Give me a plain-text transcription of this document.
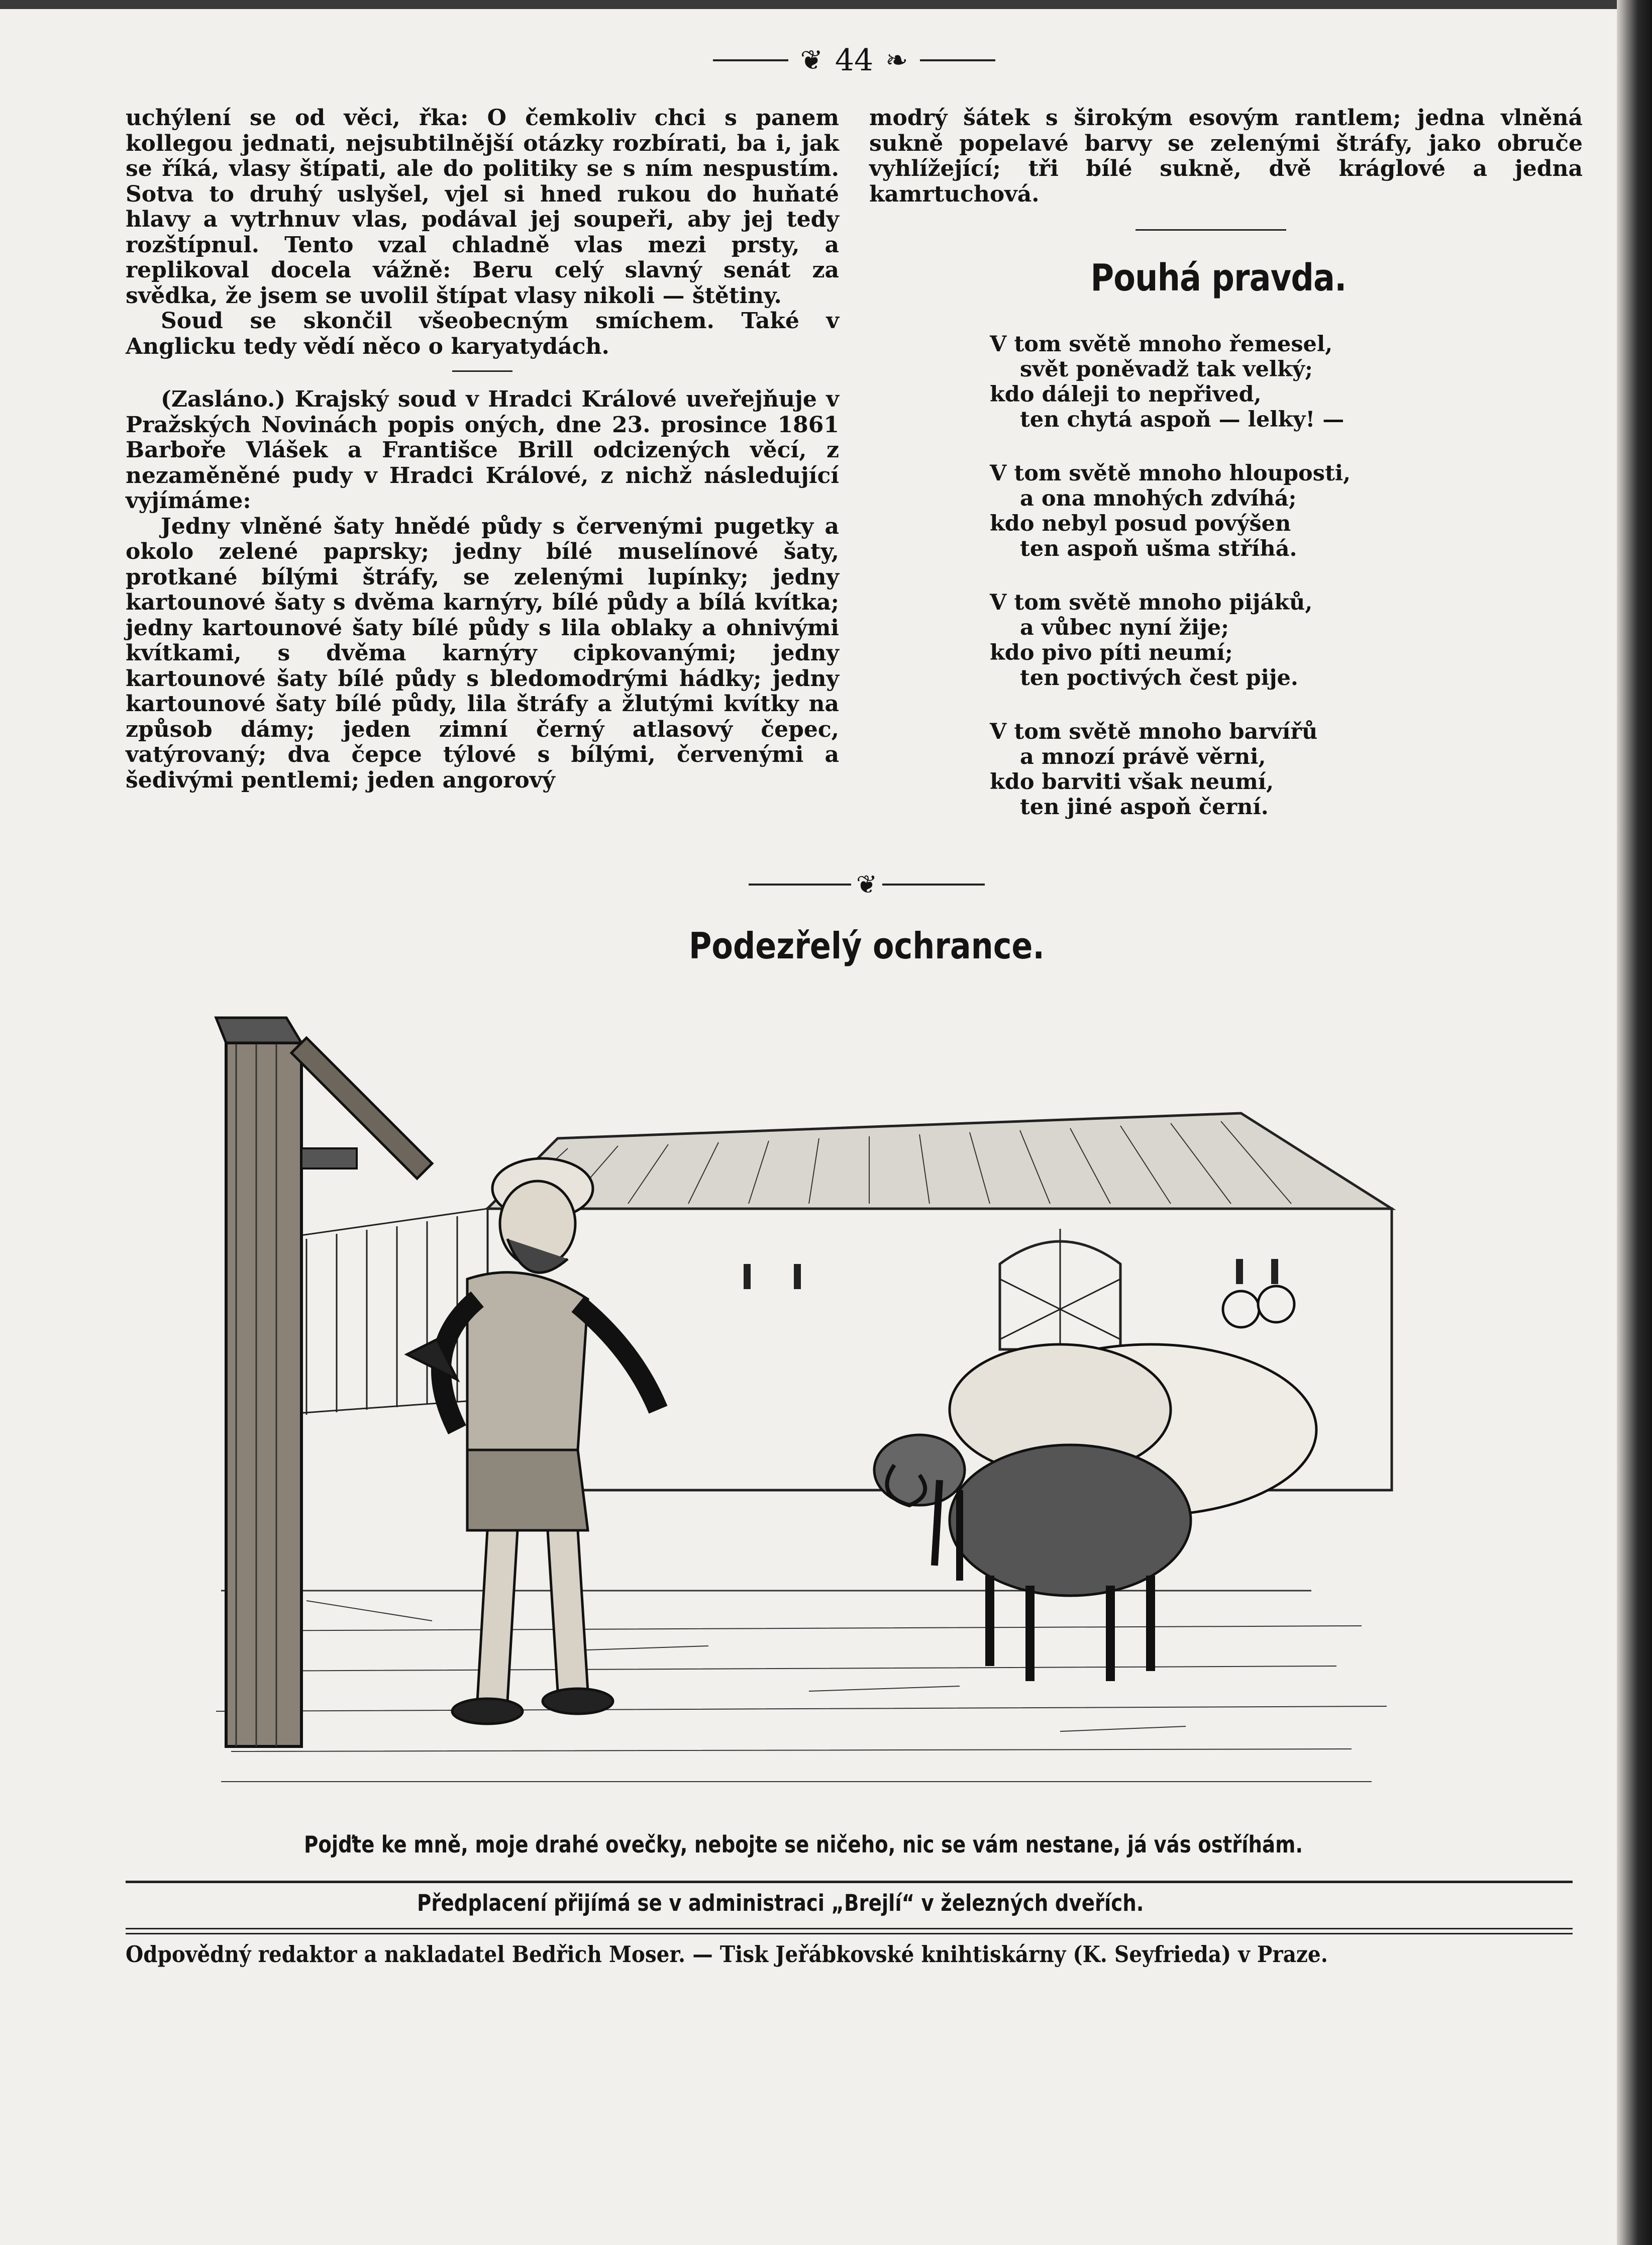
❦ 44 ❧

uchýlení se od věci, řka: O čemkoliv chci s panem kollegou jednati, nejsubtilnější otázky rozbírati, ba i, jak se říká, vlasy štípati, ale do politiky se s ním nespustím. Sotva to druhý uslyšel, vjel si hned rukou do huňaté hlavy a vytrhnuv vlas, podával jej soupeři, aby jej tedy rozštípnul. Tento vzal chladně vlas mezi prsty, a replikoval docela vážně: Beru celý slavný senát za svědka, že jsem se uvolil štípat vlasy nikoli — štětiny.

Soud se skončil všeobecným smíchem. Také v Anglicku tedy vědí něco o karyatydách.

(Zasláno.) Krajský soud v Hradci Králové uveřejňuje v Pražských Novinách popis oných, dne 23. prosince 1861 Barboře Vlášek a Františce Brill odcizených věcí, z nezaměněné pudy v Hradci Králové, z nichž následující vyjímáme:

Jedny vlněné šaty hnědé půdy s červenými pugetky a okolo zelené paprsky; jedny bílé muselínové šaty, protkané bílými štráfy, se zelenými lupínky; jedny kartounové šaty s dvěma karnýry, bílé půdy a bílá kvítka; jedny kartounové šaty bílé půdy s lila oblaky a ohnivými kvítkami, s dvěma karnýry cipkovanými; jedny kartounové šaty bílé půdy s bledomodrými hádky; jedny kartounové šaty bílé půdy, lila štráfy a žlutými kvítky na způsob dámy; jeden zimní černý atlasový čepec, vatýrovaný; dva čepce týlové s bílými, červenými a šedivými pentlemi; jeden angorový

modrý šátek s širokým esovým rantlem; jedna vlněná sukně popelavé barvy se zelenými štráfy, jako obruče vyhlížející; tři bílé sukně, dvě kráglové a jedna kamrtuchová.

Pouhá pravda.
V tom světě mnoho řemesel,
svět poněvadž tak velký;
kdo dáleji to nepřived,
ten chytá aspoň — lelky! —
V tom světě mnoho hlouposti,
a ona mnohých zdvíhá;
kdo nebyl posud povýšen
ten aspoň ušma stříhá.
V tom světě mnoho pijáků,
a vůbec nyní žije;
kdo pivo píti neumí;
ten poctivých čest pije.
V tom světě mnoho barvířů
a mnozí právě věrni,
kdo barviti však neumí,
ten jiné aspoň černí.
❦
Podezřelý ochrance.
Pojďte ke mně, moje drahé ovečky, nebojte se ničeho, nic se vám nestane, já vás ostříhám.
Předplacení přijímá se v administraci „Brejlí“ v železných dveřích.
Odpovědný redaktor a nakladatel Bedřich Moser. — Tisk Jeřábkovské knihtiskárny (K. Seyfrieda) v Praze.
